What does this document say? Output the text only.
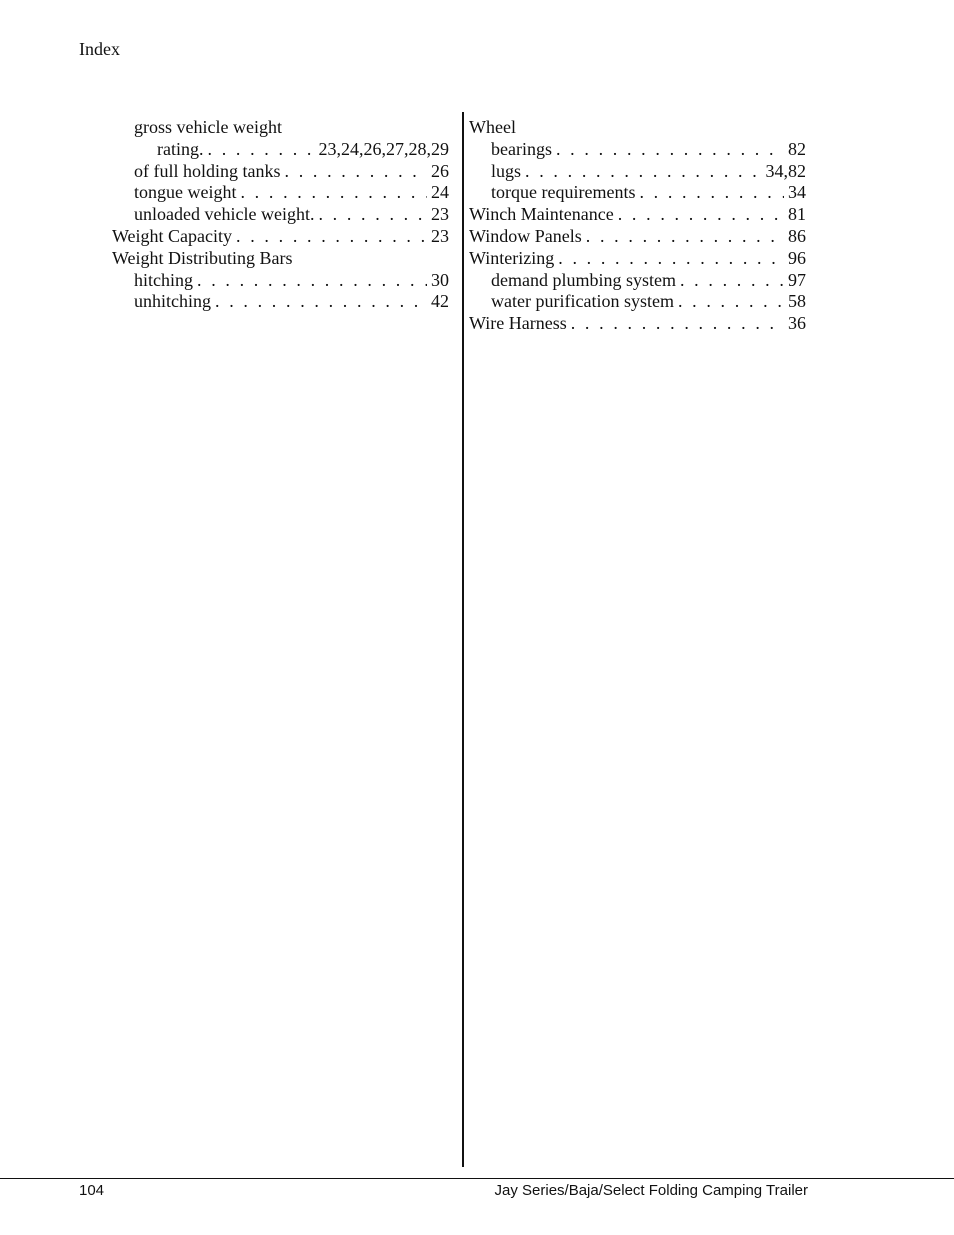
Index
gross vehicle weight
rating. . . .	23,24,26,27,28,29
of full holding tanks . . .	26
tongue weight . . .	24
unloaded vehicle weight. . . .	23
Weight Capacity . . .	23
Weight Distributing Bars
hitching . . .	30
unhitching . . .	42
Wheel
bearings . . .	82
lugs . . .	34,82
torque requirements . . .	34
Winch Maintenance . . .	81
Window Panels . . .	86
Winterizing . . .	96
demand plumbing system . . .	97
water purification system . . .	58
Wire Harness . . .	36
104	Jay Series/Baja/Select Folding Camping Trailer
